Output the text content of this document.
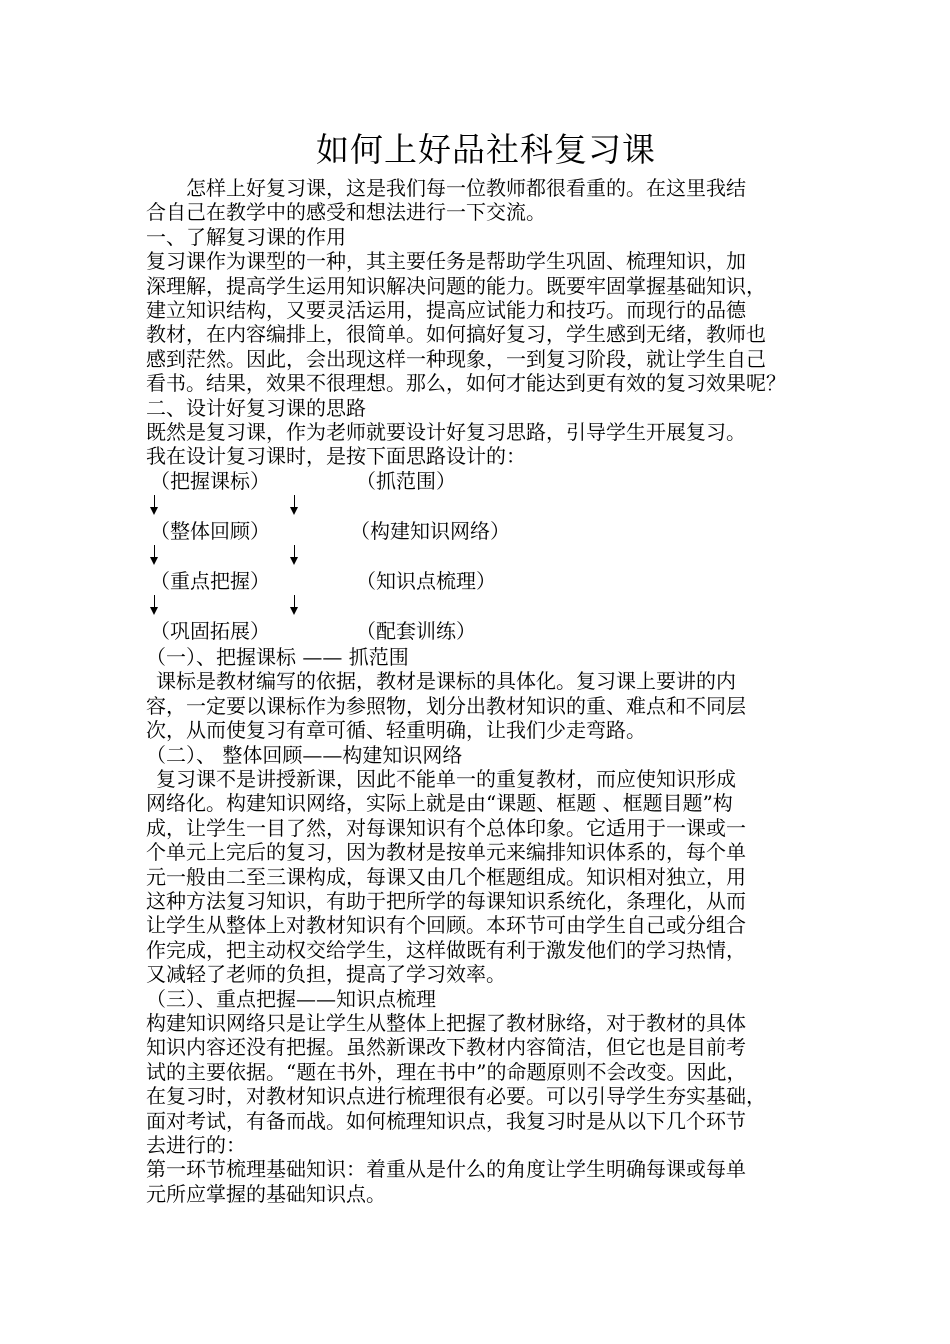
如何上好品社科复习课

怎样上好复习课，这是我们每一位教师都很看重的。在这里我结

合自己在教学中的感受和想法进行一下交流。

一、了解复习课的作用

复习课作为课型的一种，其主要任务是帮助学生巩固、梳理知识，加

深理解，提高学生运用知识解决问题的能力。既要牢固掌握基础知识，

建立知识结构，又要灵活运用，提高应试能力和技巧。而现行的品德

教材，在内容编排上，很简单。如何搞好复习，学生感到无绪，教师也

感到茫然。因此，会出现这样一种现象，一到复习阶段，就让学生自己

看书。结果，效果不很理想。那么，如何才能达到更有效的复习效果呢？

二、设计好复习课的思路

既然是复习课，作为老师就要设计好复习思路，引导学生开展复习。

我在设计复习课时，是按下面思路设计的：

（把握课标）	（抓范围）
（整体回顾）	（构建知识网络）
（重点把握）	（知识点梳理）
（巩固拓展）	（配套训练）

（一）、把握课标 —— 抓范围

课标是教材编写的依据，教材是课标的具体化。复习课上要讲的内

容，一定要以课标作为参照物，划分出教材知识的重、难点和不同层

次，从而使复习有章可循、轻重明确，让我们少走弯路。

（二）、 整体回顾——构建知识网络

复习课不是讲授新课，因此不能单一的重复教材，而应使知识形成

网络化。构建知识网络，实际上就是由“课题、框题 、框题目题”构

成，让学生一目了然，对每课知识有个总体印象。它适用于一课或一

个单元上完后的复习，因为教材是按单元来编排知识体系的，每个单

元一般由二至三课构成，每课又由几个框题组成。知识相对独立，用

这种方法复习知识，有助于把所学的每课知识系统化，条理化，从而

让学生从整体上对教材知识有个回顾。本环节可由学生自己或分组合

作完成，把主动权交给学生，这样做既有利于激发他们的学习热情，

又减轻了老师的负担，提高了学习效率。

（三）、重点把握——知识点梳理

构建知识网络只是让学生从整体上把握了教材脉络，对于教材的具体

知识内容还没有把握。虽然新课改下教材内容简洁，但它也是目前考

试的主要依据。“题在书外，理在书中”的命题原则不会改变。因此，

在复习时，对教材知识点进行梳理很有必要。可以引导学生夯实基础，

面对考试，有备而战。如何梳理知识点，我复习时是从以下几个环节

去进行的：

第一环节梳理基础知识：着重从是什么的角度让学生明确每课或每单

元所应掌握的基础知识点。
